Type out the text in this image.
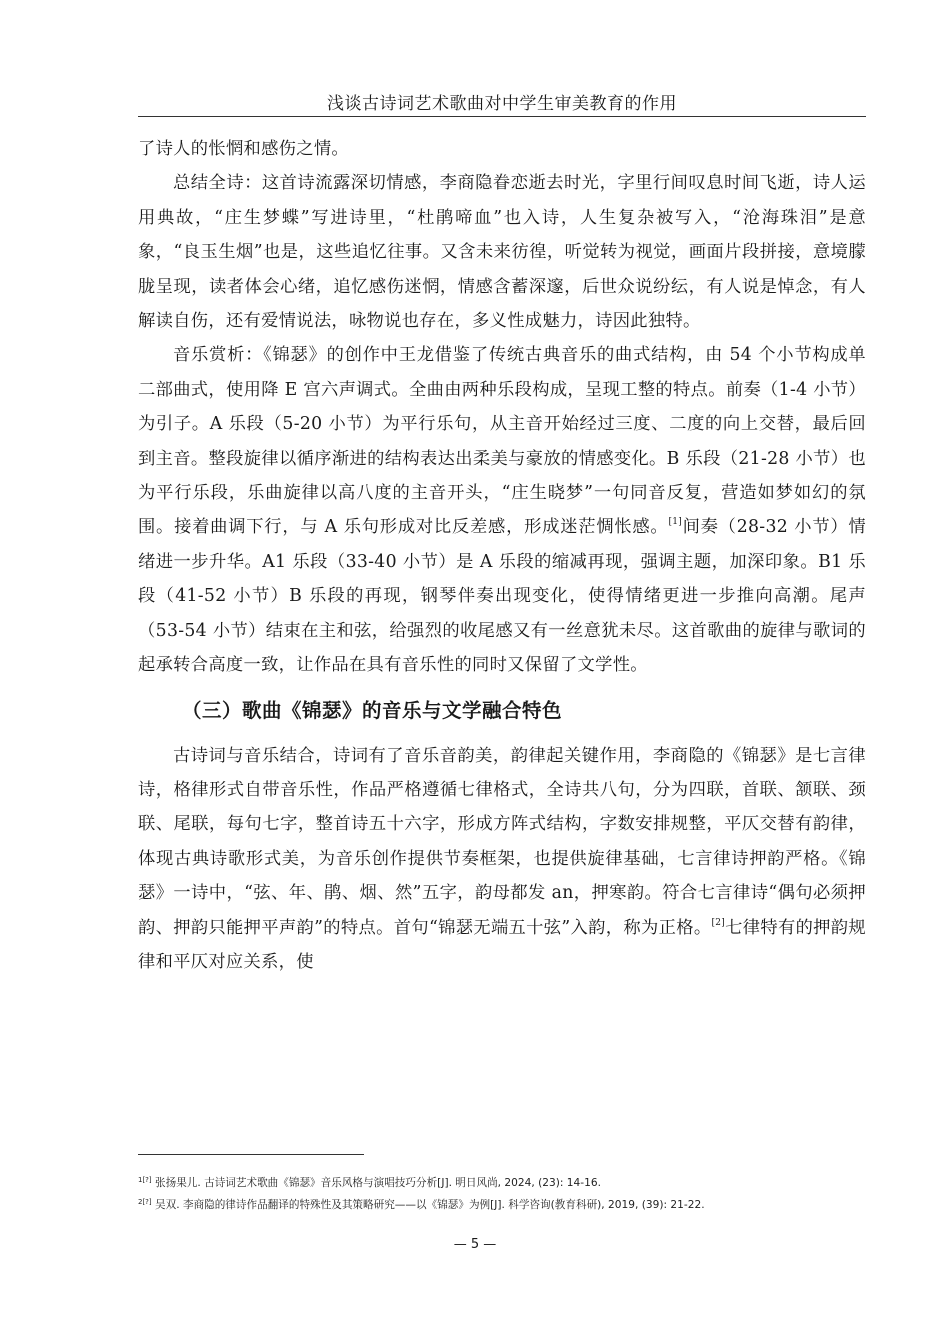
浅谈古诗词艺术歌曲对中学生审美教育的作用

了诗人的怅惘和感伤之情。

总结全诗：这首诗流露深切情感，李商隐眷恋逝去时光，字里行间叹息时间飞逝，诗人运用典故，“庄生梦蝶”写进诗里，“杜鹃啼血”也入诗，人生复杂被写入，“沧海珠泪”是意象，“良玉生烟”也是，这些追忆往事。又含未来彷徨，听觉转为视觉，画面片段拼接，意境朦胧呈现，读者体会心绪，追忆感伤迷惘，情感含蓄深邃，后世众说纷纭，有人说是悼念，有人解读自伤，还有爱情说法，咏物说也存在，多义性成魅力，诗因此独特。

音乐赏析：《锦瑟》的创作中王龙借鉴了传统古典音乐的曲式结构，由 54 个小节构成单二部曲式，使用降 E 宫六声调式。全曲由两种乐段构成，呈现工整的特点。前奏（1-4 小节）为引子。A 乐段（5-20 小节）为平行乐句，从主音开始经过三度、二度的向上交替，最后回到主音。整段旋律以循序渐进的结构表达出柔美与豪放的情感变化。B 乐段（21-28 小节）也为平行乐段，乐曲旋律以高八度的主音开头，“庄生晓梦”一句同音反复，营造如梦如幻的氛围。接着曲调下行，与 A 乐句形成对比反差感，形成迷茫惆怅感。[1]间奏（28-32 小节）情绪进一步升华。A1 乐段（33-40 小节）是 A 乐段的缩减再现，强调主题，加深印象。B1 乐段（41-52 小节）B 乐段的再现，钢琴伴奏出现变化，使得情绪更进一步推向高潮。尾声（53-54 小节）结束在主和弦，给强烈的收尾感又有一丝意犹未尽。这首歌曲的旋律与歌词的起承转合高度一致，让作品在具有音乐性的同时又保留了文学性。

（三）歌曲《锦瑟》的音乐与文学融合特色

古诗词与音乐结合，诗词有了音乐音韵美，韵律起关键作用，李商隐的《锦瑟》是七言律诗，格律形式自带音乐性，作品严格遵循七律格式，全诗共八句，分为四联，首联、颔联、颈联、尾联，每句七字，整首诗五十六字，形成方阵式结构，字数安排规整，平仄交替有韵律，体现古典诗歌形式美，为音乐创作提供节奏框架，也提供旋律基础，七言律诗押韵严格。《锦瑟》一诗中，“弦、年、鹃、烟、然”五字，韵母都发 an，押寒韵。符合七言律诗“偶句必须押韵、押韵只能押平声韵”的特点。首句“锦瑟无端五十弦”入韵，称为正格。[2]七律特有的押韵规律和平仄对应关系，使

$^{1[?]}$ 张扬果儿. 古诗词艺术歌曲《锦瑟》音乐风格与演唱技巧分析[J]. 明日风尚, 2024, (23): 14-16.

$^{2[?]}$ 吴双. 李商隐的律诗作品翻译的特殊性及其策略研究——以《锦瑟》为例[J]. 科学咨询(教育科研), 2019, (39): 21-22.

— 5 —
